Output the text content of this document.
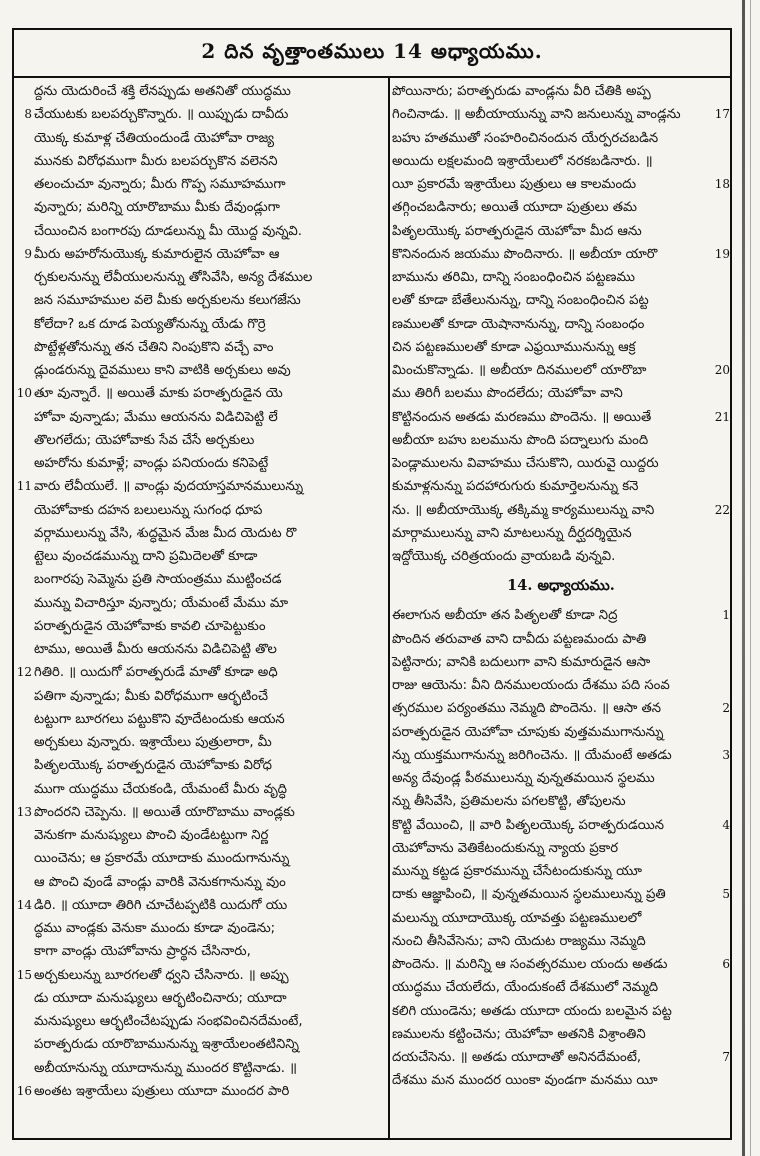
2 దిన వృత్తాంతములు 14 అధ్యాయము.
ద్దను యెదురించే శక్తి లేనప్పుడు అతనితో యుద్ధము
చేయుటకు బలపర్చుకొన్నారు. ॥ యిప్పుడు దావీదు
8
యొక్క కుమాళ్ల చేతియందుండే యెహోవా రాజ్య
మునకు విరోధముగా మీరు బలపర్చుకొన వలెనని
తలంచుచూ వున్నారు; మీరు గొప్ప సమూహముగా
వున్నారు; మరిన్ని యారొబాము మీకు దేవుండ్లుగా
చేయించిన బంగారపు దూడలున్ను మీ యొద్ద వున్నవి.
మీరు అహరోనుయొక్క కుమారులైన యెహోవా ఆ
9
ర్చకులనున్ను లేవీయులనున్ను తోసివేసి, అన్య దేశముల
జన సమూహముల వలె మీకు అర్చకులను కలుగజేసు
కోలేదా? ఒక దూడ పెయ్యతోనున్ను యేడు గొర్రె
పొట్టేళ్లతోనున్ను తన చేతిని నింపుకొని వచ్చే వాం
డ్లుండరున్ను దైవములు కాని వాటికి అర్చకులు అవు
తూ వున్నారే. ॥ అయితే మాకు పరాత్పరుడైన యె
10
హోవా వున్నాడు; మేము ఆయనను విడిచిపెట్టి లే
తొలగలేదు; యెహోవాకు సేవ చేసే అర్చకులు
అహరోను కుమాళ్లే; వాండ్లు పనియందు కనిపెట్టే
వారు లేవీయులే. ॥ వాండ్లు వుదయాస్తమానములున్ను
11
యెహోవాకు దహన బలులున్ను సుగంధ ధూప
వర్గాములున్ను వేసి, శుద్ధమైన మేజ మీద యెదుట రొ
ట్టెలు వుంచడమున్ను దాని ప్రమిదెలతో కూడా
బంగారపు సెమ్మెను ప్రతి సాయంత్రము ముట్టించడ
మున్ను విచారిస్తూ వున్నారు; యేమంటే మేము మా
పరాత్పరుడైన యెహోవాకు కావలి చూపెట్టుకుం
టాము, అయితే మీరు ఆయనను విడిచిపెట్టి తొల
గితిరి. ॥ యిదుగో పరాత్పరుడే మాతో కూడా అధి
12
పతిగా వున్నాడు; మీకు విరోధముగా ఆర్భటించే
టట్టుగా బూరగలు పట్టుకొని వూదేటందుకు ఆయన
అర్చకులు వున్నారు. ఇశ్రాయేలు పుత్రులారా, మీ
పితృలయొక్క పరాత్పరుడైన యెహోవాకు విరోధ
ముగా యుద్ధము చేయకండి, యేమంటే మీరు వృద్ధి
పొందరని చెప్పెను. ॥ అయితే యారొబాము వాండ్లకు
13
వెనుకగా మనుష్యులు పొంచి వుండేటట్టుగా నిర్ణ
యించెను; ఆ ప్రకారమే యూదాకు ముందుగానున్ను
ఆ పొంచి వుండే వాండ్లు వారికి వెనుకగానున్ను వుం
డిరి. ॥ యూదా తిరిగి చూచేటప్పటికి యిదుగో యు
14
ద్ధము వాండ్లకు వెనుకా ముందు కూడా వుండెను;
కాగా వాండ్లు యెహోవాను ప్రార్థన చేసినారు,
అర్చకులున్ను బూరగలతో ధ్వని చేసినారు. ॥ అప్పు
15
డు యూదా మనుష్యులు ఆర్భటించినారు; యూదా
మనుష్యులు ఆర్భటించేటప్పుడు సంభవించినదేమంటే,
పరాత్పరుడు యారొబామునున్ను ఇశ్రాయేలంతటినిన్ని
అబీయానున్ను యూదానున్ను ముందర కొట్టినాడు. ॥
అంతట ఇశ్రాయేలు పుత్రులు యూదా ముందర పారి
16
పోయినారు; పరాత్పరుడు వాండ్లను వీరి చేతికి అప్ప
గించినాడు. ॥ అబీయాయున్ను వాని జనులున్ను వాండ్లను	17
బహు హతముతో సంహరించినందున యేర్పరచబడిన
అయిదు లక్షలమంది ఇశ్రాయేలులో నరకబడినారు. ॥
యీ ప్రకారమే ఇశ్రాయేలు పుత్రులు ఆ కాలమందు	18
తగ్గించబడినారు; అయితే యూదా పుత్రులు తమ
పితృలయొక్క పరాత్పరుడైన యెహోవా మీద ఆను
కొనినందున జయము పొందినారు. ॥ అబీయా యారొ	19
బామును తరిమి, దాన్ని సంబంధించిన పట్టణము
లతో కూడా బేతేలునున్ను, దాన్ని సంబంధించిన పట్ట
ణములతో కూడా యెషానానున్ను, దాన్ని సంబంధం
చిన పట్టణములతో కూడా ఎఫ్రయీమునున్ను ఆక్ర
మించుకొన్నాడు. ॥ అబీయా దినములలో యారొబా	20
ము తిరిగీ బలము పొందలేదు; యెహోవా వాని
కొట్టినందున అతడు మరణము పొందెను. ॥ అయితే	21
అబీయా బహు బలమును పొంది పద్నాలుగు మంది
పెండ్లాములను వివాహము చేసుకొని, యిరువై యిద్దరు
కుమాళ్లనున్ను పదహారుగురు కుమార్తెలనున్ను కనె
ను. ॥ అబీయాయొక్క తక్కిమ్మ కార్యములున్ను వాని	22
మార్గాములున్ను వాని మాటలున్ను దీర్ఘదర్శియైన
ఇద్దోయొక్క చరిత్రయందు వ్రాయబడి వున్నవి.
14. అధ్యాయము.
ఈలాగున అబీయా తన పితృలతో కూడా నిద్ర	1
పొందిన తరువాత వాని దావీదు పట్టణమందు పాతి
పెట్టినారు; వానికి బదులుగా వాని కుమారుడైన ఆసా
రాజు ఆయెను: వీని దినములయందు దేశము పది సంవ
త్సరముల పర్యంతము నెమ్మది పొందెను. ॥ ఆసా తన	2
పరాత్పరుడైన యెహోవా చూపుకు వుత్తమముగానున్ను
న్ను యుక్తముగానున్ను జరిగించెను. ॥ యేమంటే అతడు	3
అన్య దేవుండ్ల పీఠములున్ను వున్నతమయిన స్థలము
న్ను తీసివేసి, ప్రతిమలను పగలకొట్టి, తోపులను
కొట్టి వేయించి, ॥ వారి పితృలయొక్క పరాత్పరుడయిన	4
యెహోవాను వెతికేటందుకున్ను న్యాయ ప్రకార
మున్ను కట్టడ ప్రకారమున్ను చేసేటందుకున్ను యూ
దాకు ఆజ్ఞాపించి, ॥ వున్నతమయిన స్థలములున్ను ప్రతి	5
మలున్ను యూదాయొక్క యావత్తు పట్టణములలో
నుంచి తీసివేసెను; వాని యెదుట రాజ్యము నెమ్మది
పొందెను. ॥ మరిన్ని ఆ సంవత్సరముల యందు అతడు	6
యుద్ధము చేయలేదు, యేందుకంటే దేశములో నెమ్మది
కలిగి యుండెను; అతడు యూదా యందు బలమైన పట్ట
ణములను కట్టించెను; యెహోవా అతనికి విశ్రాంతిని
దయచేసెను. ॥ అతడు యూదాతో అనినదేమంటే,	7
దేశము మన ముందర యింకా వుండగా మనము యీ
